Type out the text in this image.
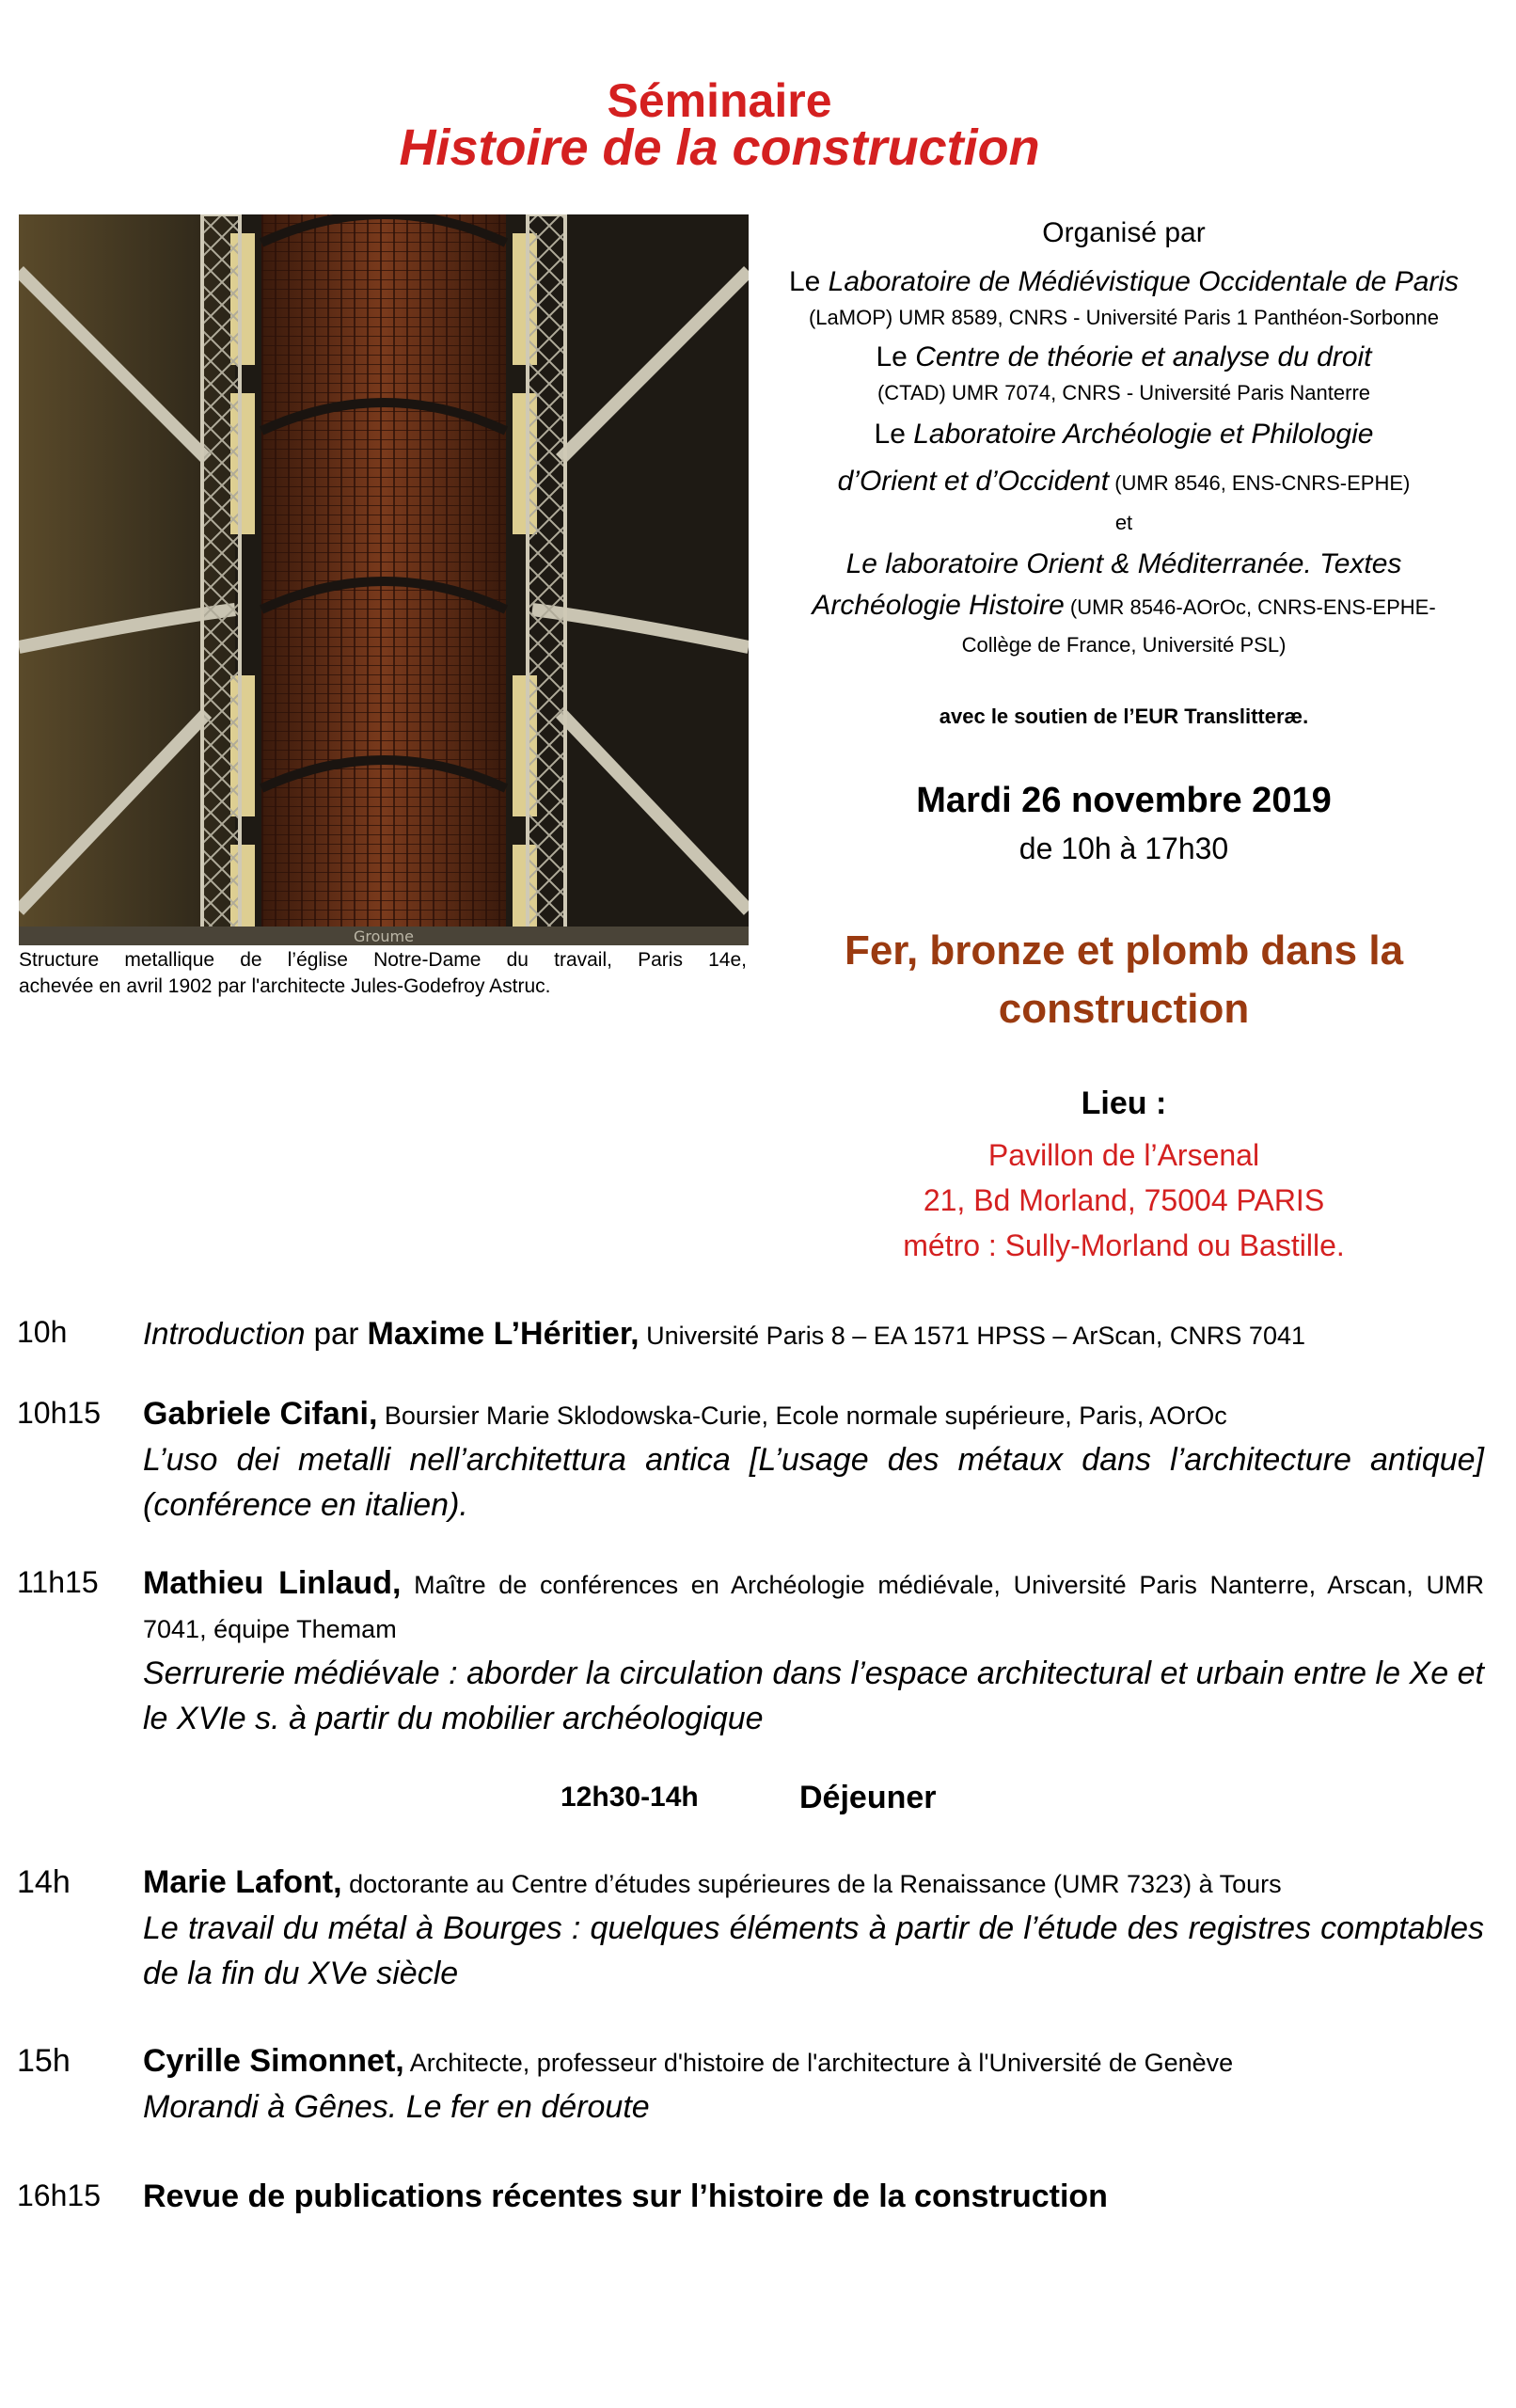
Séminaire
Histoire de la construction
Groume
Structure metallique de l’église Notre-Dame du travail, Paris 14e,
achevée en avril 1902 par l'architecte Jules-Godefroy Astruc.
Organisé par
Le Laboratoire de Médiévistique Occidentale de Paris
(LaMOP) UMR 8589, CNRS - Université Paris 1 Panthéon-Sorbonne
Le Centre de théorie et analyse du droit
(CTAD) UMR 7074, CNRS - Université Paris Nanterre
Le Laboratoire Archéologie et Philologie
d’Orient et d’Occident (UMR 8546, ENS-CNRS-EPHE)
et
Le laboratoire Orient & Méditerranée. Textes
Archéologie Histoire (UMR 8546-AOrOc, CNRS-ENS-EPHE-
Collège de France, Université PSL)
avec le soutien de l’EUR Translitteræ.
Mardi 26 novembre 2019
de 10h à 17h30
Fer, bronze et plomb dans la
construction
Lieu :
Pavillon de l’Arsenal
21, Bd Morland, 75004 PARIS
métro : Sully-Morland ou Bastille.
10h Introduction par Maxime L’Héritier, Université Paris 8 – EA 1571 HPSS – ArScan, CNRS 7041
10h15 Gabriele Cifani, Boursier Marie Sklodowska-Curie, Ecole normale supérieure, Paris, AOrOc
L’uso dei metalli nell’architettura antica [L’usage des métaux dans l’architecture antique] (conférence en italien).
11h15 Mathieu Linlaud, Maître de conférences en Archéologie médiévale, Université Paris Nanterre, Arscan, UMR 7041, équipe Themam
Serrurerie médiévale : aborder la circulation dans l’espace architectural et urbain entre le Xe et le XVIe s. à partir du mobilier archéologique
12h30-14h	Déjeuner
14h Marie Lafont, doctorante au Centre d’études supérieures de la Renaissance (UMR 7323) à Tours
Le travail du métal à Bourges : quelques éléments à partir de l’étude des registres comptables de la fin du XVe siècle
15h Cyrille Simonnet, Architecte, professeur d'histoire de l'architecture à l'Université de Genève
Morandi à Gênes. Le fer en déroute
16h15 Revue de publications récentes sur l’histoire de la construction
